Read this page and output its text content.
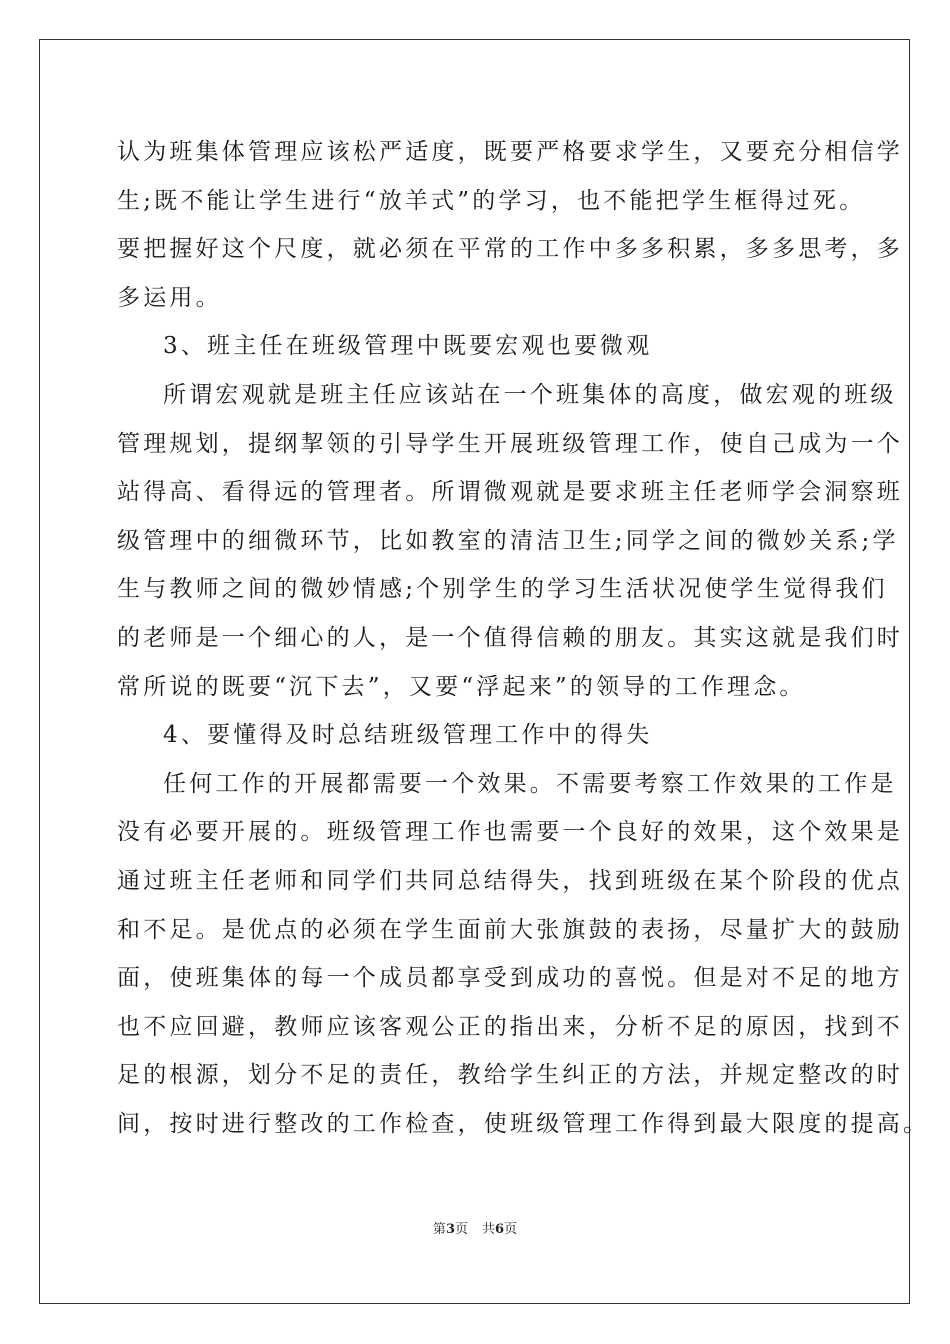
认为班集体管理应该松严适度，既要严格要求学生，又要充分相信学
生;既不能让学生进行“放羊式”的学习，也不能把学生框得过死。
要把握好这个尺度，就必须在平常的工作中多多积累，多多思考，多
多运用。
3、班主任在班级管理中既要宏观也要微观
所谓宏观就是班主任应该站在一个班集体的高度，做宏观的班级
管理规划，提纲挈领的引导学生开展班级管理工作，使自己成为一个
站得高、看得远的管理者。所谓微观就是要求班主任老师学会洞察班
级管理中的细微环节，比如教室的清洁卫生;同学之间的微妙关系;学
生与教师之间的微妙情感;个别学生的学习生活状况使学生觉得我们
的老师是一个细心的人，是一个值得信赖的朋友。其实这就是我们时
常所说的既要“沉下去”，又要“浮起来”的领导的工作理念。
4、要懂得及时总结班级管理工作中的得失
任何工作的开展都需要一个效果。不需要考察工作效果的工作是
没有必要开展的。班级管理工作也需要一个良好的效果，这个效果是
通过班主任老师和同学们共同总结得失，找到班级在某个阶段的优点
和不足。是优点的必须在学生面前大张旗鼓的表扬，尽量扩大的鼓励
面，使班集体的每一个成员都享受到成功的喜悦。但是对不足的地方
也不应回避，教师应该客观公正的指出来，分析不足的原因，找到不
足的根源，划分不足的责任，教给学生纠正的方法，并规定整改的时
间，按时进行整改的工作检查，使班级管理工作得到最大限度的提高。
第3页 共6页
